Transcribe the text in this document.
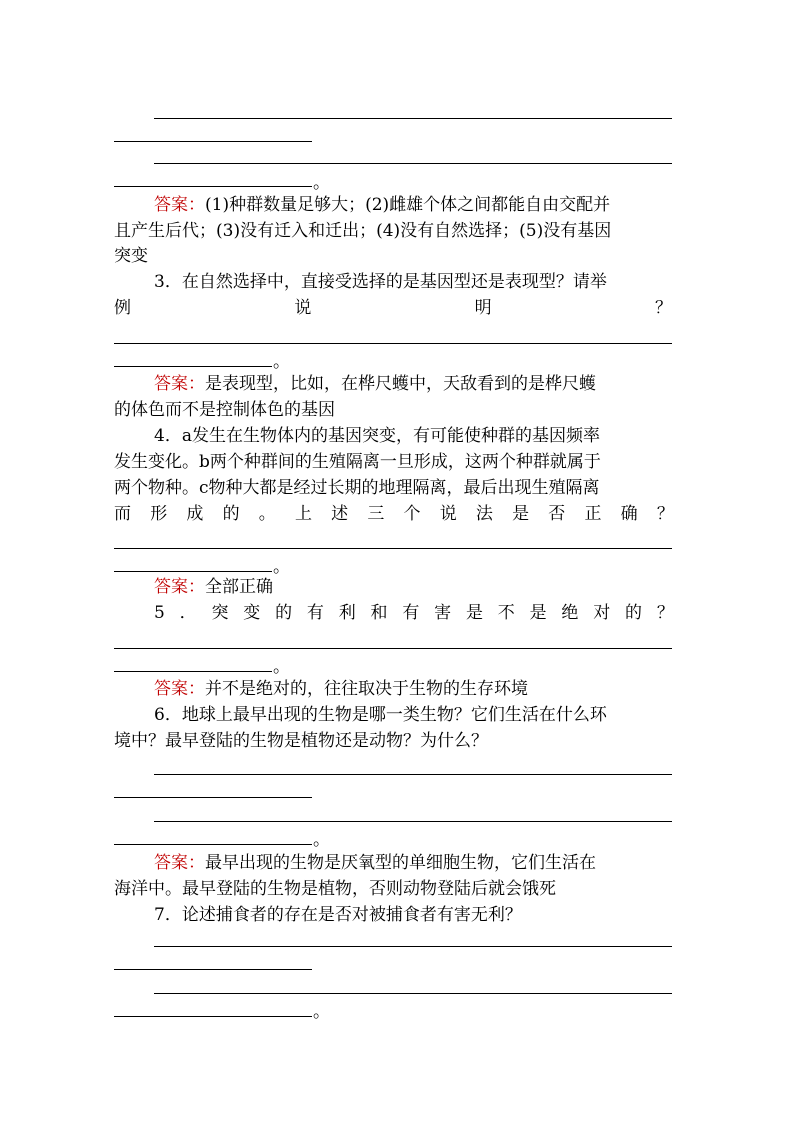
。
答案：(1)种群数量足够大；(2)雌雄个体之间都能自由交配并
且产生后代；(3)没有迁入和迁出；(4)没有自然选择；(5)没有基因
突变
3．在自然选择中，直接受选择的是基因型还是表现型？请举
例	说	明	？
。
答案：是表现型，比如，在桦尺蠖中，天敌看到的是桦尺蠖
的体色而不是控制体色的基因
4．a发生在生物体内的基因突变，有可能使种群的基因频率
发生变化。b两个种群间的生殖隔离一旦形成，这两个种群就属于
两个物种。c物种大都是经过长期的地理隔离，最后出现生殖隔离
而 形 成 的 。 上 述 三 个 说 法 是 否 正 确 ？
。
答案：全部正确
5 ． 突 变 的 有 利 和 有 害 是 不 是 绝 对 的 ？
。
答案：并不是绝对的，往往取决于生物的生存环境
6．地球上最早出现的生物是哪一类生物？它们生活在什么环
境中？最早登陆的生物是植物还是动物？为什么？
。
答案：最早出现的生物是厌氧型的单细胞生物，它们生活在
海洋中。最早登陆的生物是植物，否则动物登陆后就会饿死
7．论述捕食者的存在是否对被捕食者有害无利？
。
